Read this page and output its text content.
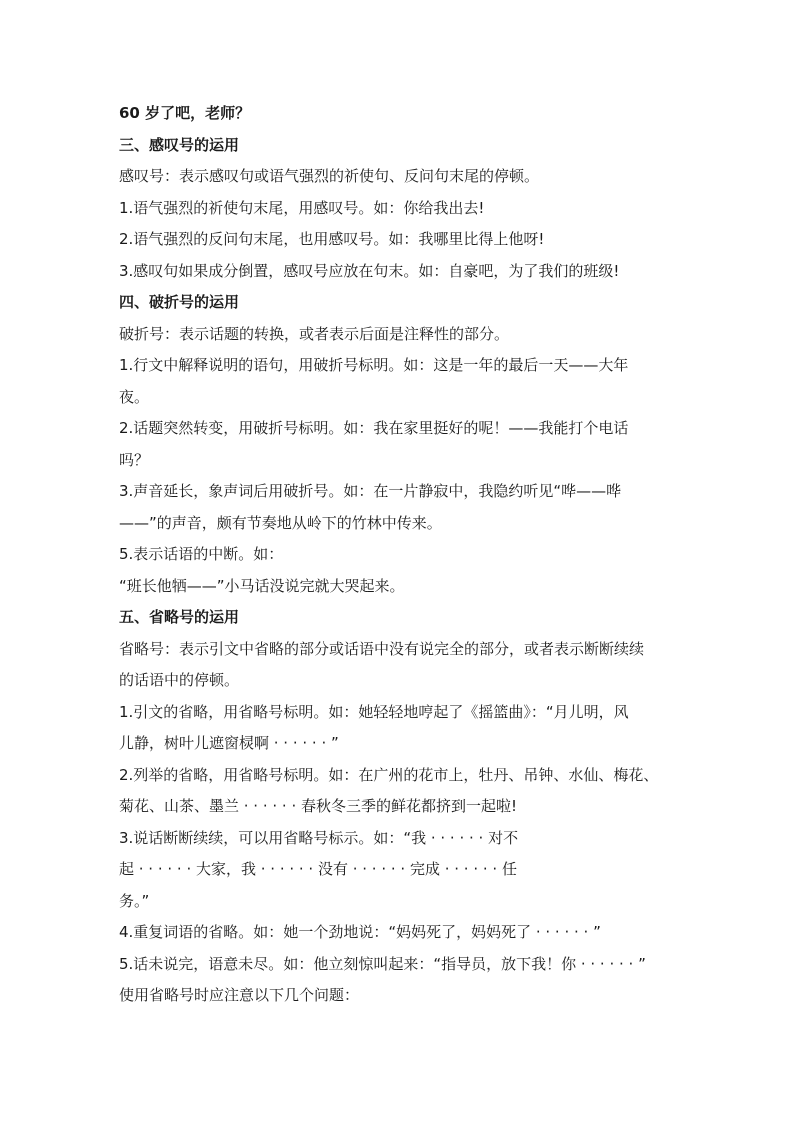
60 岁了吧，老师？
三、感叹号的运用
感叹号：表示感叹句或语气强烈的祈使句、反问句末尾的停顿。
1.语气强烈的祈使句末尾，用感叹号。如：你给我出去!
2.语气强烈的反问句末尾，也用感叹号。如：我哪里比得上他呀!
3.感叹句如果成分倒置，感叹号应放在句末。如：自豪吧，为了我们的班级!
四、破折号的运用
破折号：表示话题的转换，或者表示后面是注释性的部分。
1.行文中解释说明的语句，用破折号标明。如：这是一年的最后一天——大年
夜。
2.话题突然转变，用破折号标明。如：我在家里挺好的呢！——我能打个电话
吗？
3.声音延长，象声词后用破折号。如：在一片静寂中，我隐约听见“哗——哗
——”的声音，颇有节奏地从岭下的竹林中传来。
5.表示话语的中断。如：
“班长他牺——”小马话没说完就大哭起来。
五、省略号的运用
省略号：表示引文中省略的部分或话语中没有说完全的部分，或者表示断断续续
的话语中的停顿。
1.引文的省略，用省略号标明。如：她轻轻地哼起了《摇篮曲》：“月儿明，风
儿静，树叶儿遮窗棂啊 · · · · · · ”
2.列举的省略，用省略号标明。如：在广州的花市上，牡丹、吊钟、水仙、梅花、
菊花、山茶、墨兰 · · · · · · 春秋冬三季的鲜花都挤到一起啦!
3.说话断断续续，可以用省略号标示。如：“我 · · · · · · 对不
起 · · · · · · 大家，我 · · · · · · 没有 · · · · · · 完成 · · · · · · 任
务。”
4.重复词语的省略。如：她一个劲地说：“妈妈死了，妈妈死了 · · · · · · ”
5.话未说完，语意未尽。如：他立刻惊叫起来：“指导员，放下我！你 · · · · · · ”
使用省略号时应注意以下几个问题：
